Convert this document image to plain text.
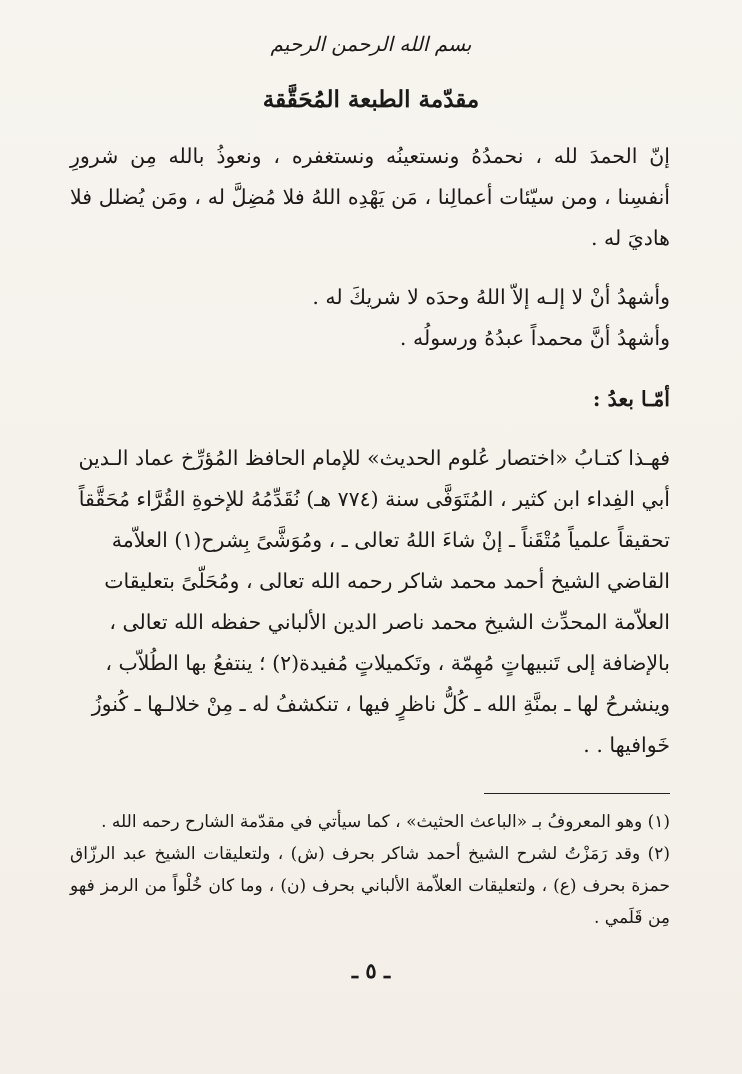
بسم الله الرحمن الرحيم
مقدّمة الطبعة المُحَقَّقة

إنّ الحمدَ لله ، نحمدُهُ ونستعينُه ونستغفره ، ونعوذُ بالله مِن شرورِ أنفسِنا ، ومن سيّئات أعمالِنا ، مَن يَهْدِه اللهُ فلا مُضِلَّ له ، ومَن يُضلل فلا هاديَ له .

وأشهدُ أنْ لا إلـه إلاّ اللهُ وحدَه لا شريكَ له .

وأشهدُ أنَّ محمداً عبدُهُ ورسولُه .

أمّـا بعدُ :

فهـذا كتـابُ «اختصار عُلوم الحديث» للإمام الحافظ المُؤرِّخ عماد الـدين أبي الفِداء ابن كثير ، المُتَوَفَّى سنة (٧٧٤ هـ) نُقَدِّمُهُ للإخوةِ القُرَّاء مُحَقَّقاً تحقيقاً علمياً مُتْقَناً ـ إنْ شاءَ اللهُ تعالى ـ ، ومُوَشَّىً بِشرح(١) العلاّمة القاضي الشيخ أحمد محمد شاكر رحمه الله تعالى ، ومُحَلّىً بتعليقات العلاّمة المحدِّث الشيخ محمد ناصر الدين الألباني حفظه الله تعالى ، بالإضافة إلى تَنبيهاتٍ مُهِمّة ، وتَكميلاتٍ مُفيدة(٢) ؛ ينتفعُ بها الطُلاّب ، وينشرحُ لها ـ بمنَّةِ الله ـ كُلُّ ناظرٍ فيها ، تنكشفُ له ـ مِنْ خلالـها ـ كُنوزُ خَوافيها . .

(١) وهو المعروفُ بـ «الباعث الحثيث» ، كما سيأتي في مقدّمة الشارح رحمه الله .

(٢) وقد رَمَزْتُ لشرح الشيخ أحمد شاكر بحرف (ش) ، ولتعليقات الشيخ عبد الرزّاق حمزة بحرف (ع) ، ولتعليقات العلاّمة الألباني بحرف (ن) ، وما كان خُلْواً من الرمز فهو مِن قَلَمي .

ـ ٥ ـ
